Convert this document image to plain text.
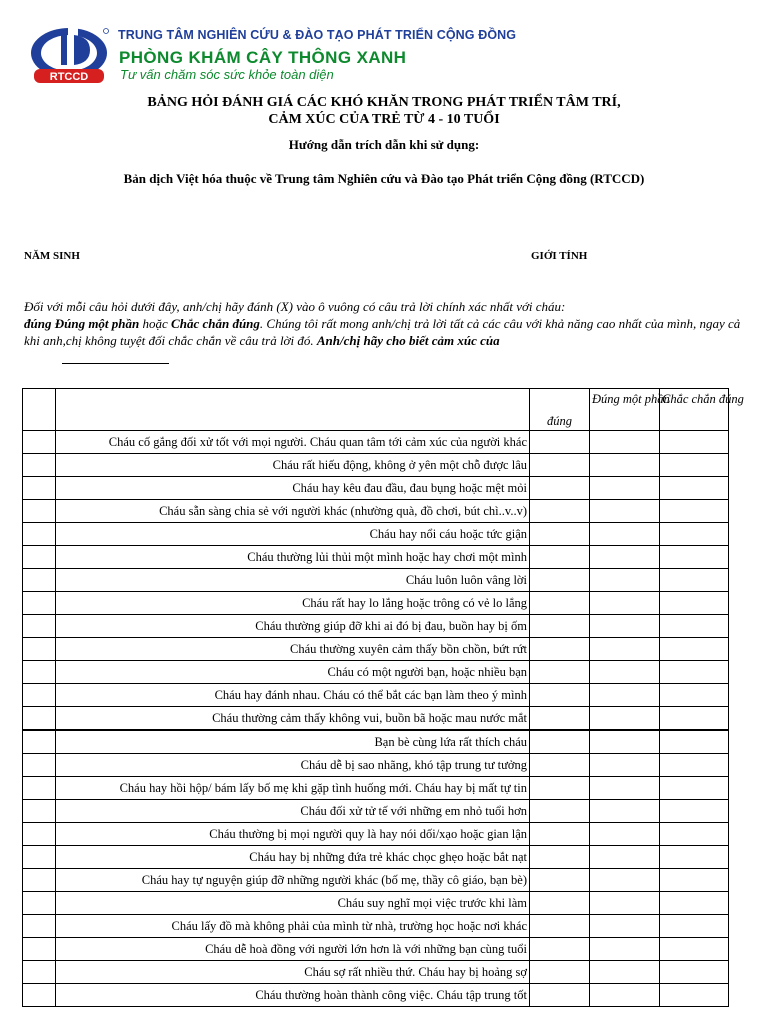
RTCCD
TRUNG TÂM NGHIÊN CỨU & ĐÀO TẠO PHÁT TRIỂN CỘNG ĐỒNG
PHÒNG KHÁM CÂY THÔNG XANH
Tư vấn chăm sóc sức khỏe toàn diện
BẢNG HỎI ĐÁNH GIÁ CÁC KHÓ KHĂN TRONG PHÁT TRIỂN TÂM TRÍ,
CẢM XÚC CỦA TRẺ TỪ 4 - 10 TUỔI
Hướng dẫn trích dẫn khi sử dụng:
Bản dịch Việt hóa thuộc về Trung tâm Nghiên cứu và Đào tạo Phát triển Cộng đồng (RTCCD)
NĂM SINH	GIỚI TÍNH
Đối với mỗi câu hỏi dưới đây, anh/chị hãy đánh (X) vào ô vuông có câu trả lời chính xác nhất với cháu:
đúng Đúng một phần hoặc Chắc chắn đúng. Chúng tôi rất mong anh/chị trả lời tất cả các câu với khả năng cao nhất của mình, ngay cả khi anh,chị không tuyệt đối chắc chắn về câu trả lời đó. Anh/chị hãy cho biết cảm xúc của
		đúng	Đúng một phần	Chắc chắn đúng
	Cháu cố gắng đối xử tốt với mọi người. Cháu quan tâm tới cảm xúc của người khác			
	Cháu rất hiếu động, không ở yên một chỗ được lâu			
	Cháu hay kêu đau đầu, đau bụng hoặc mệt mỏi			
	Cháu sẵn sàng chia sẻ với người khác (nhường quà, đồ chơi, bút chì..v..v)			
	Cháu hay nổi cáu hoặc tức giận			
	Cháu thường lủi thủi một mình hoặc hay chơi một mình			
	Cháu luôn luôn vâng lời			
	Cháu rất hay lo lắng hoặc trông có vẻ lo lắng			
	Cháu thường giúp đỡ khi ai đó bị đau, buồn hay bị ốm			
	Cháu thường xuyên cảm thấy bồn chồn, bứt rứt			
	Cháu có một người bạn, hoặc nhiều bạn			
	Cháu hay đánh nhau. Cháu có thể bắt các bạn làm theo ý mình			
	Cháu thường cảm thấy không vui, buồn bã hoặc mau nước mắt			
	Bạn bè cùng lứa rất thích cháu			
	Cháu dễ bị sao nhãng, khó tập trung tư tưởng			
	Cháu hay hồi hộp/ bám lấy bố mẹ khi gặp tình huống mới. Cháu hay bị mất tự tin			
	Cháu đối xử tử tế với những em nhỏ tuổi hơn			
	Cháu thường bị mọi người quy là hay nói dối/xạo hoặc gian lận			
	Cháu hay bị những đứa trẻ khác chọc ghẹo hoặc bắt nạt			
	Cháu hay tự nguyện giúp đỡ những người khác (bố mẹ, thầy cô giáo, bạn bè)			
	Cháu suy nghĩ mọi việc trước khi làm			
	Cháu lấy đồ mà không phải của mình từ nhà, trường học hoặc nơi khác			
	Cháu dễ hoà đồng với người lớn hơn là với những bạn cùng tuổi			
	Cháu sợ rất nhiều thứ. Cháu hay bị hoảng sợ			
	Cháu thường hoàn thành công việc. Cháu tập trung tốt			
